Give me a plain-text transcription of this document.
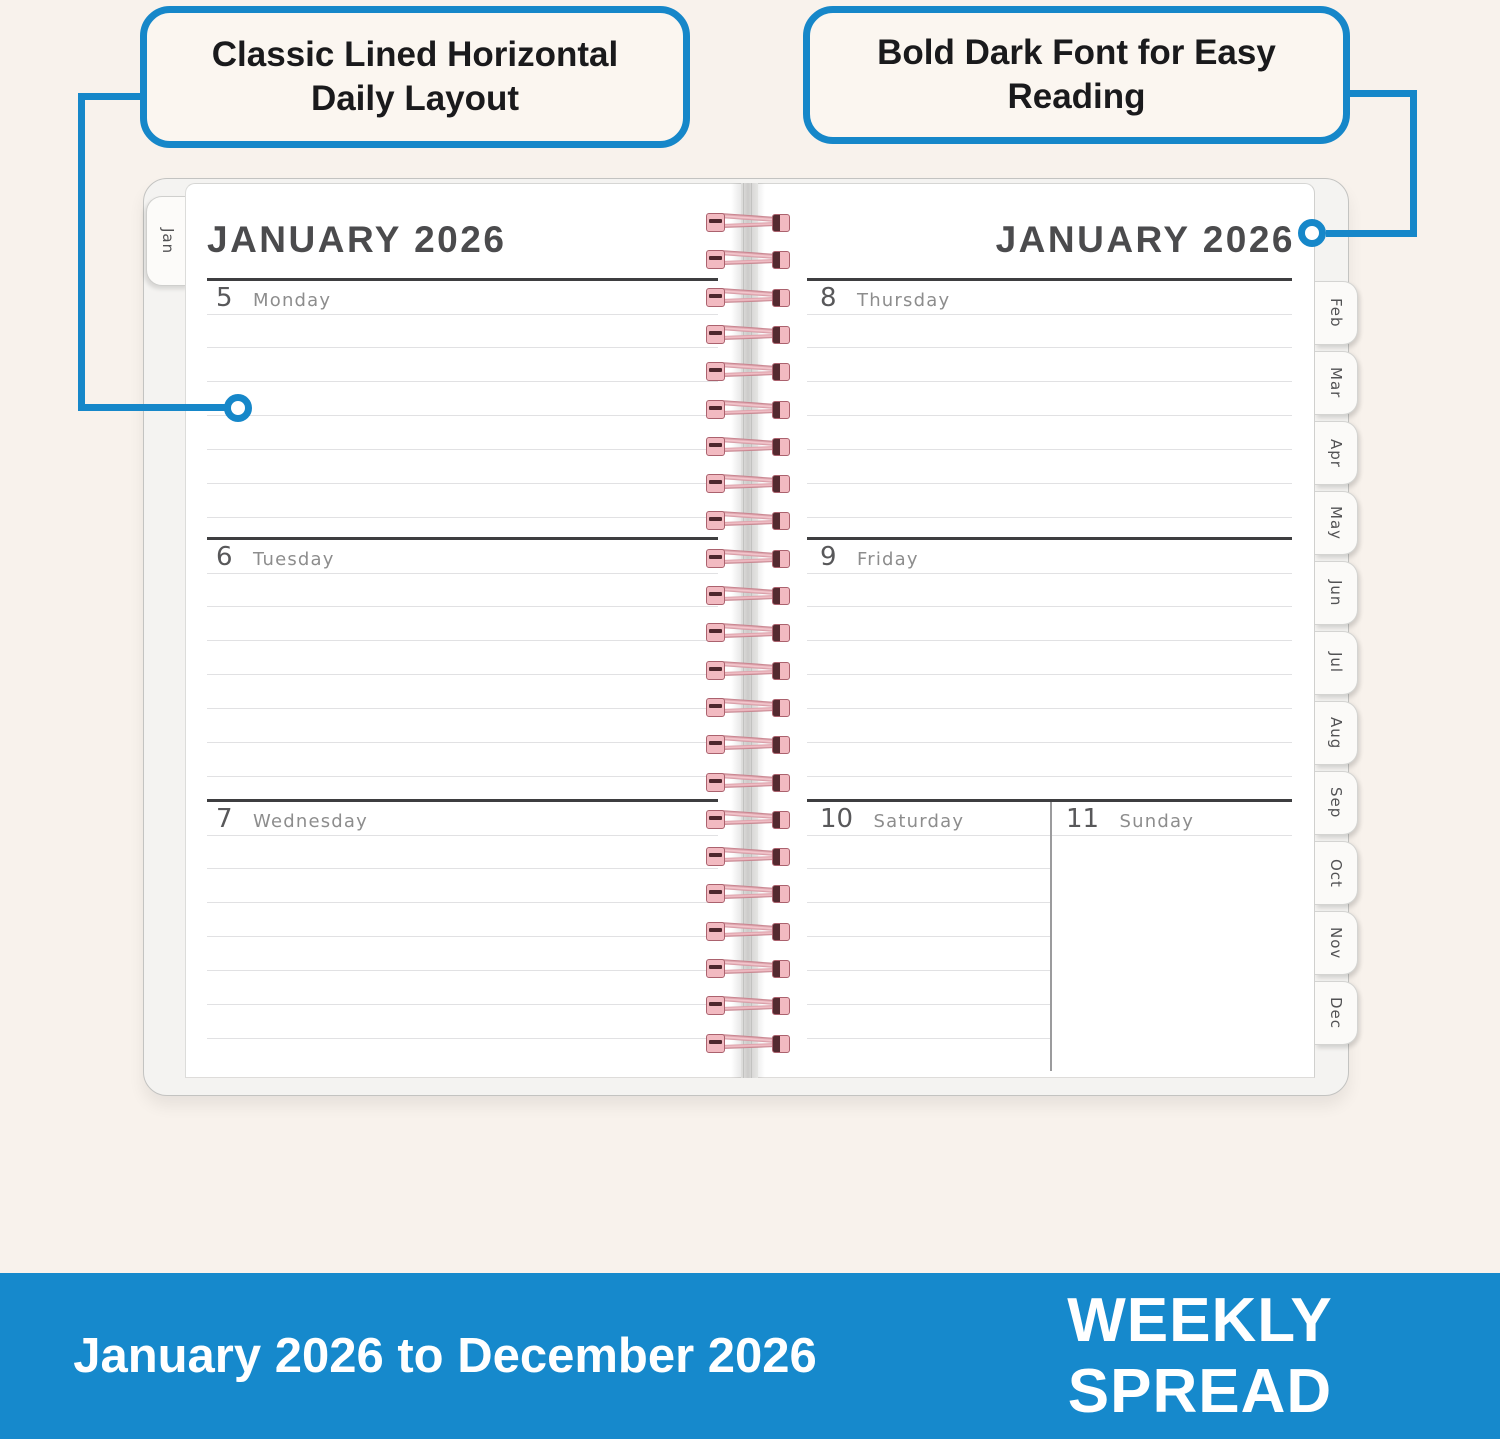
Classic Lined Horizontal Daily Layout
Bold Dark Font for Easy Reading
Jan
Feb
Mar
Apr
May
Jun
Jul
Aug
Sep
Oct
Nov
Dec
JANUARY 2026	JANUARY 2026
5 Monday
6 Tuesday
7 Wednesday
8 Thursday
9 Friday
10 Saturday	11 Sunday
January 2026 to December 2026
WEEKLY SPREAD
